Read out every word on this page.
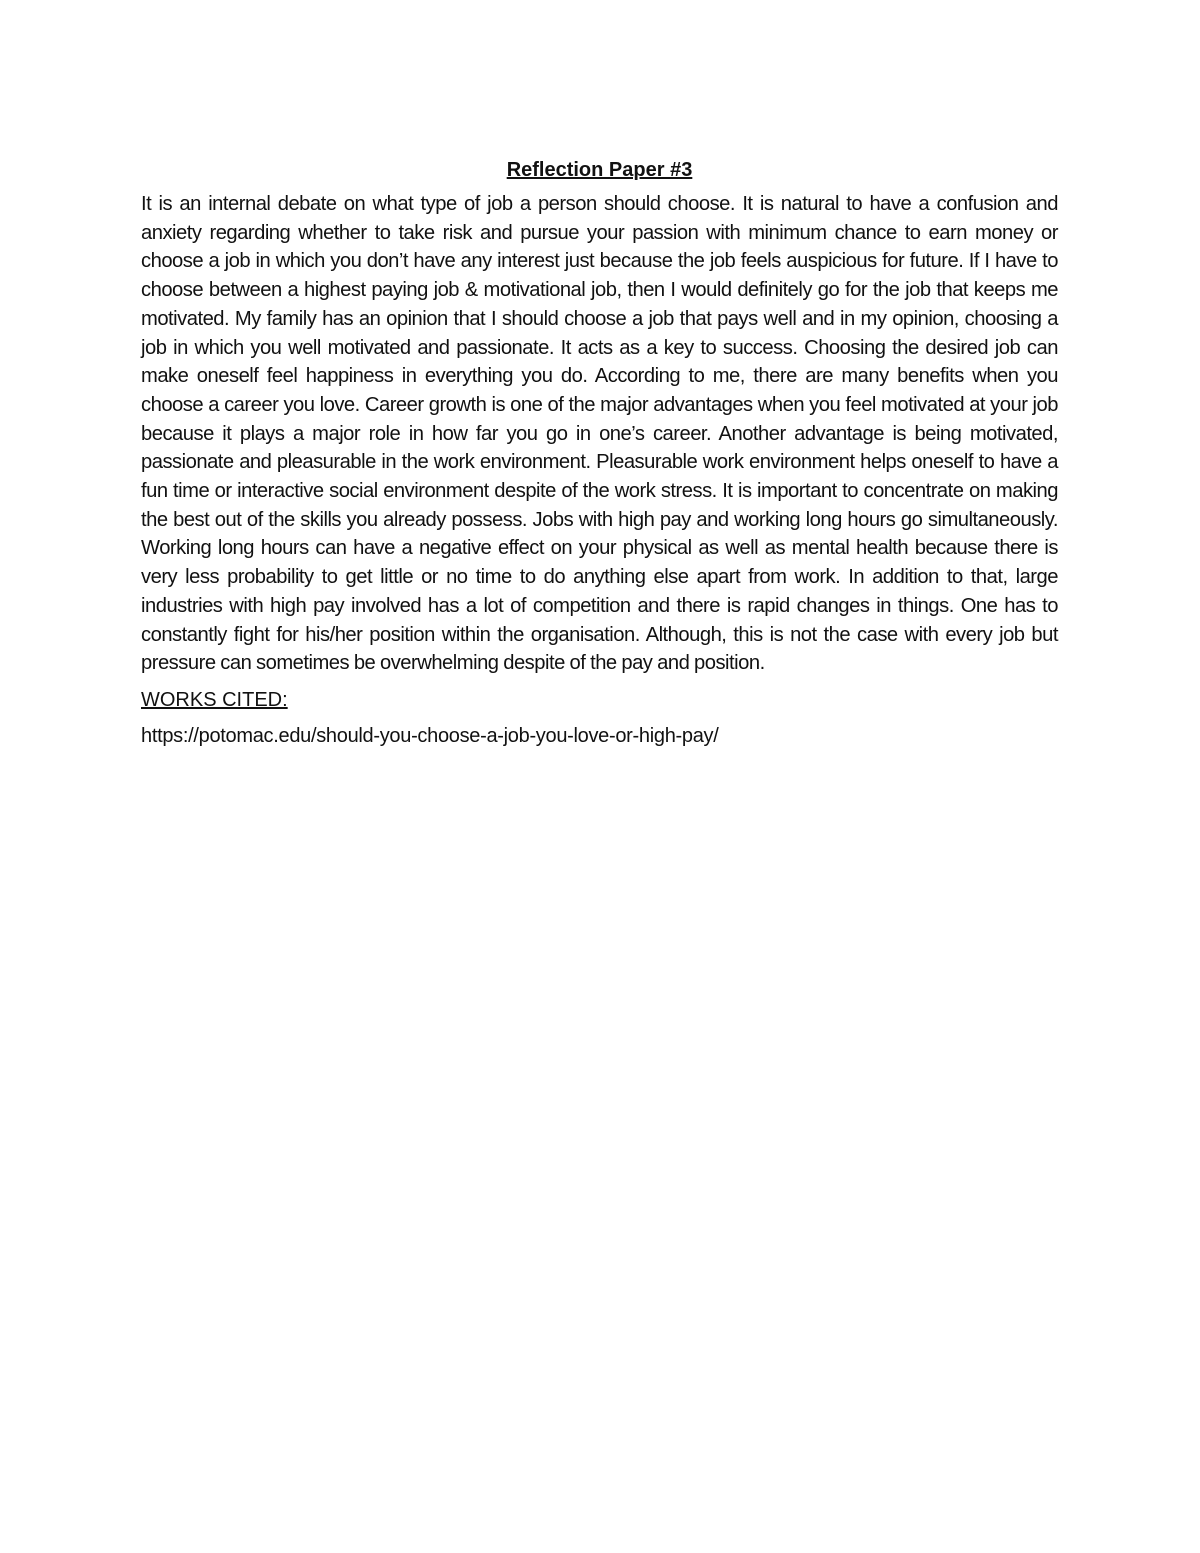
Reflection Paper #3

It is an internal debate on what type of job a person should choose. It is natural to have a confusion and anxiety regarding whether to take risk and pursue your passion with minimum chance to earn money or choose a job in which you don’t have any interest just because the job feels auspicious for future. If I have to choose between a highest paying job & motivational job, then I would definitely go for the job that keeps me motivated. My family has an opinion that I should choose a job that pays well and in my opinion, choosing a job in which you well motivated and passionate. It acts as a key to success. Choosing the desired job can make oneself feel happiness in everything you do. According to me, there are many benefits when you choose a career you love. Career growth is one of the major advantages when you feel motivated at your job because it plays a major role in how far you go in one’s career. Another advantage is being motivated, passionate and pleasurable in the work environment. Pleasurable work environment helps oneself to have a fun time or interactive social environment despite of the work stress. It is important to concentrate on making the best out of the skills you already possess. Jobs with high pay and working long hours go simultaneously. Working long hours can have a negative effect on your physical as well as mental health because there is very less probability to get little or no time to do anything else apart from work. In addition to that, large industries with high pay involved has a lot of competition and there is rapid changes in things. One has to constantly fight for his/her position within the organisation. Although, this is not the case with every job but pressure can sometimes be overwhelming despite of the pay and position.

WORKS CITED:

https://potomac.edu/should-you-choose-a-job-you-love-or-high-pay/
